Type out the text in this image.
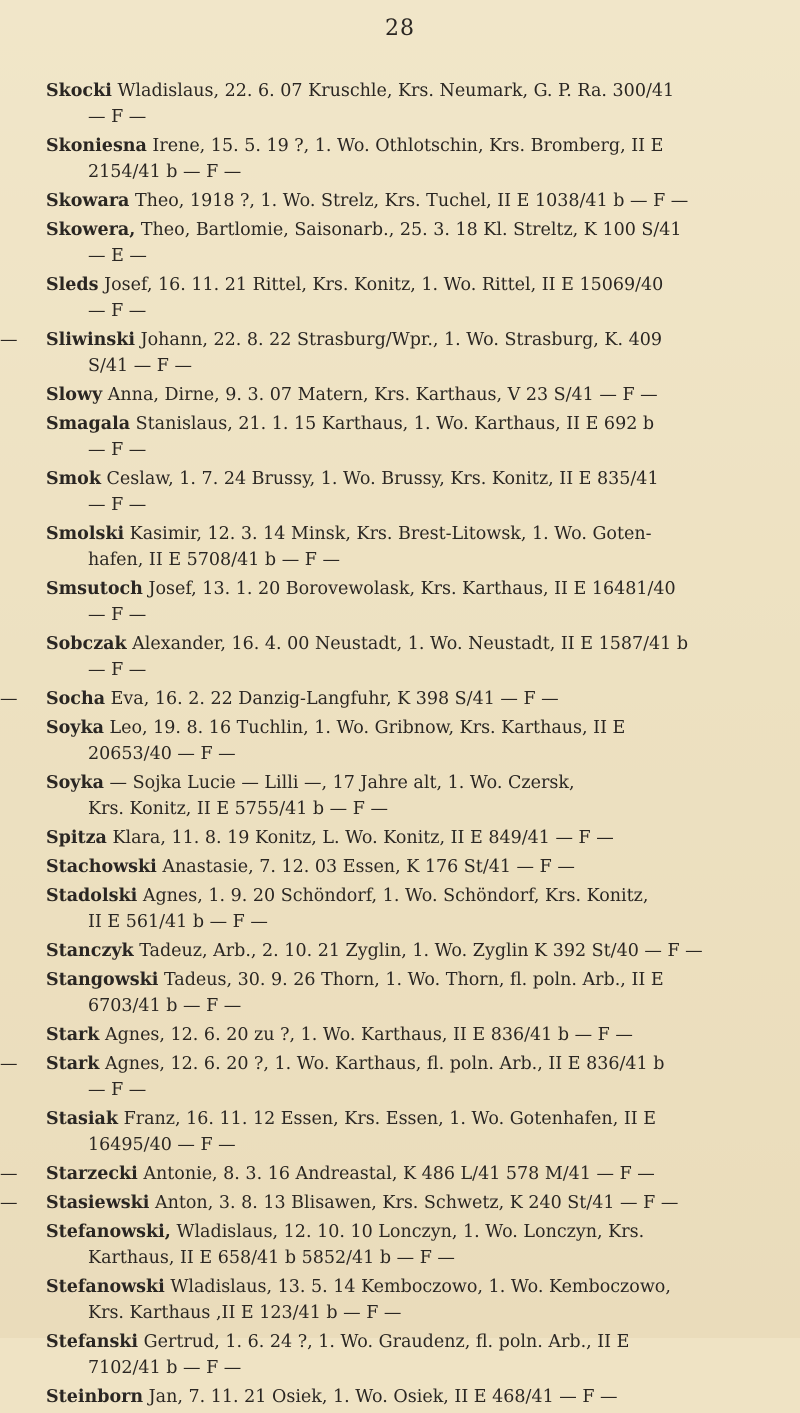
28
Skocki Wladislaus, 22. 6. 07 Kruschle, Krs. Neumark, G. P. Ra. 300/41
— F —
Skoniesna Irene, 15. 5. 19 ?, 1. Wo. Othlotschin, Krs. Bromberg, II E
2154/41 b — F —
Skowara Theo, 1918 ?, 1. Wo. Strelz, Krs. Tuchel, II E 1038/41 b — F —
Skowera, Theo, Bartlomie, Saisonarb., 25. 3. 18 Kl. Streltz, K 100 S/41
— E —
Sleds Josef, 16. 11. 21 Rittel, Krs. Konitz, 1. Wo. Rittel, II E 15069/40
— F —
— Sliwinski Johann, 22. 8. 22 Strasburg/Wpr., 1. Wo. Strasburg, K. 409
S/41 — F —
Slowy Anna, Dirne, 9. 3. 07 Matern, Krs. Karthaus, V 23 S/41 — F —
Smagala Stanislaus, 21. 1. 15 Karthaus, 1. Wo. Karthaus, II E 692 b
— F —
Smok Ceslaw, 1. 7. 24 Brussy, 1. Wo. Brussy, Krs. Konitz, II E 835/41
— F —
Smolski Kasimir, 12. 3. 14 Minsk, Krs. Brest-Litowsk, 1. Wo. Goten-
hafen, II E 5708/41 b — F —
Smsutoch Josef, 13. 1. 20 Borovewolask, Krs. Karthaus, II E 16481/40
— F —
Sobczak Alexander, 16. 4. 00 Neustadt, 1. Wo. Neustadt, II E 1587/41 b
— F —
— Socha Eva, 16. 2. 22 Danzig-Langfuhr, K 398 S/41 — F —
Soyka Leo, 19. 8. 16 Tuchlin, 1. Wo. Gribnow, Krs. Karthaus, II E
20653/40 — F —
Soyka — Sojka Lucie — Lilli —, 17 Jahre alt, 1. Wo. Czersk,
Krs. Konitz, II E 5755/41 b — F —
Spitza Klara, 11. 8. 19 Konitz, L. Wo. Konitz, II E 849/41 — F —
Stachowski Anastasie, 7. 12. 03 Essen, K 176 St/41 — F —
Stadolski Agnes, 1. 9. 20 Schöndorf, 1. Wo. Schöndorf, Krs. Konitz,
II E 561/41 b — F —
Stanczyk Tadeuz, Arb., 2. 10. 21 Zyglin, 1. Wo. Zyglin K 392 St/40 — F —
Stangowski Tadeus, 30. 9. 26 Thorn, 1. Wo. Thorn, fl. poln. Arb., II E
6703/41 b — F —
Stark Agnes, 12. 6. 20 zu ?, 1. Wo. Karthaus, II E 836/41 b — F —
— Stark Agnes, 12. 6. 20 ?, 1. Wo. Karthaus, fl. poln. Arb., II E 836/41 b
— F —
Stasiak Franz, 16. 11. 12 Essen, Krs. Essen, 1. Wo. Gotenhafen, II E
16495/40 — F —
— Starzecki Antonie, 8. 3. 16 Andreastal, K 486 L/41 578 M/41 — F —
— Stasiewski Anton, 3. 8. 13 Blisawen, Krs. Schwetz, K 240 St/41 — F —
Stefanowski, Wladislaus, 12. 10. 10 Lonczyn, 1. Wo. Lonczyn, Krs.
Karthaus, II E 658/41 b 5852/41 b — F —
Stefanowski Wladislaus, 13. 5. 14 Kemboczowo, 1. Wo. Kemboczowo,
Krs. Karthaus ,II E 123/41 b — F —
Stefanski Gertrud, 1. 6. 24 ?, 1. Wo. Graudenz, fl. poln. Arb., II E
7102/41 b — F —
Steinborn Jan, 7. 11. 21 Osiek, 1. Wo. Osiek, II E 468/41 — F —
